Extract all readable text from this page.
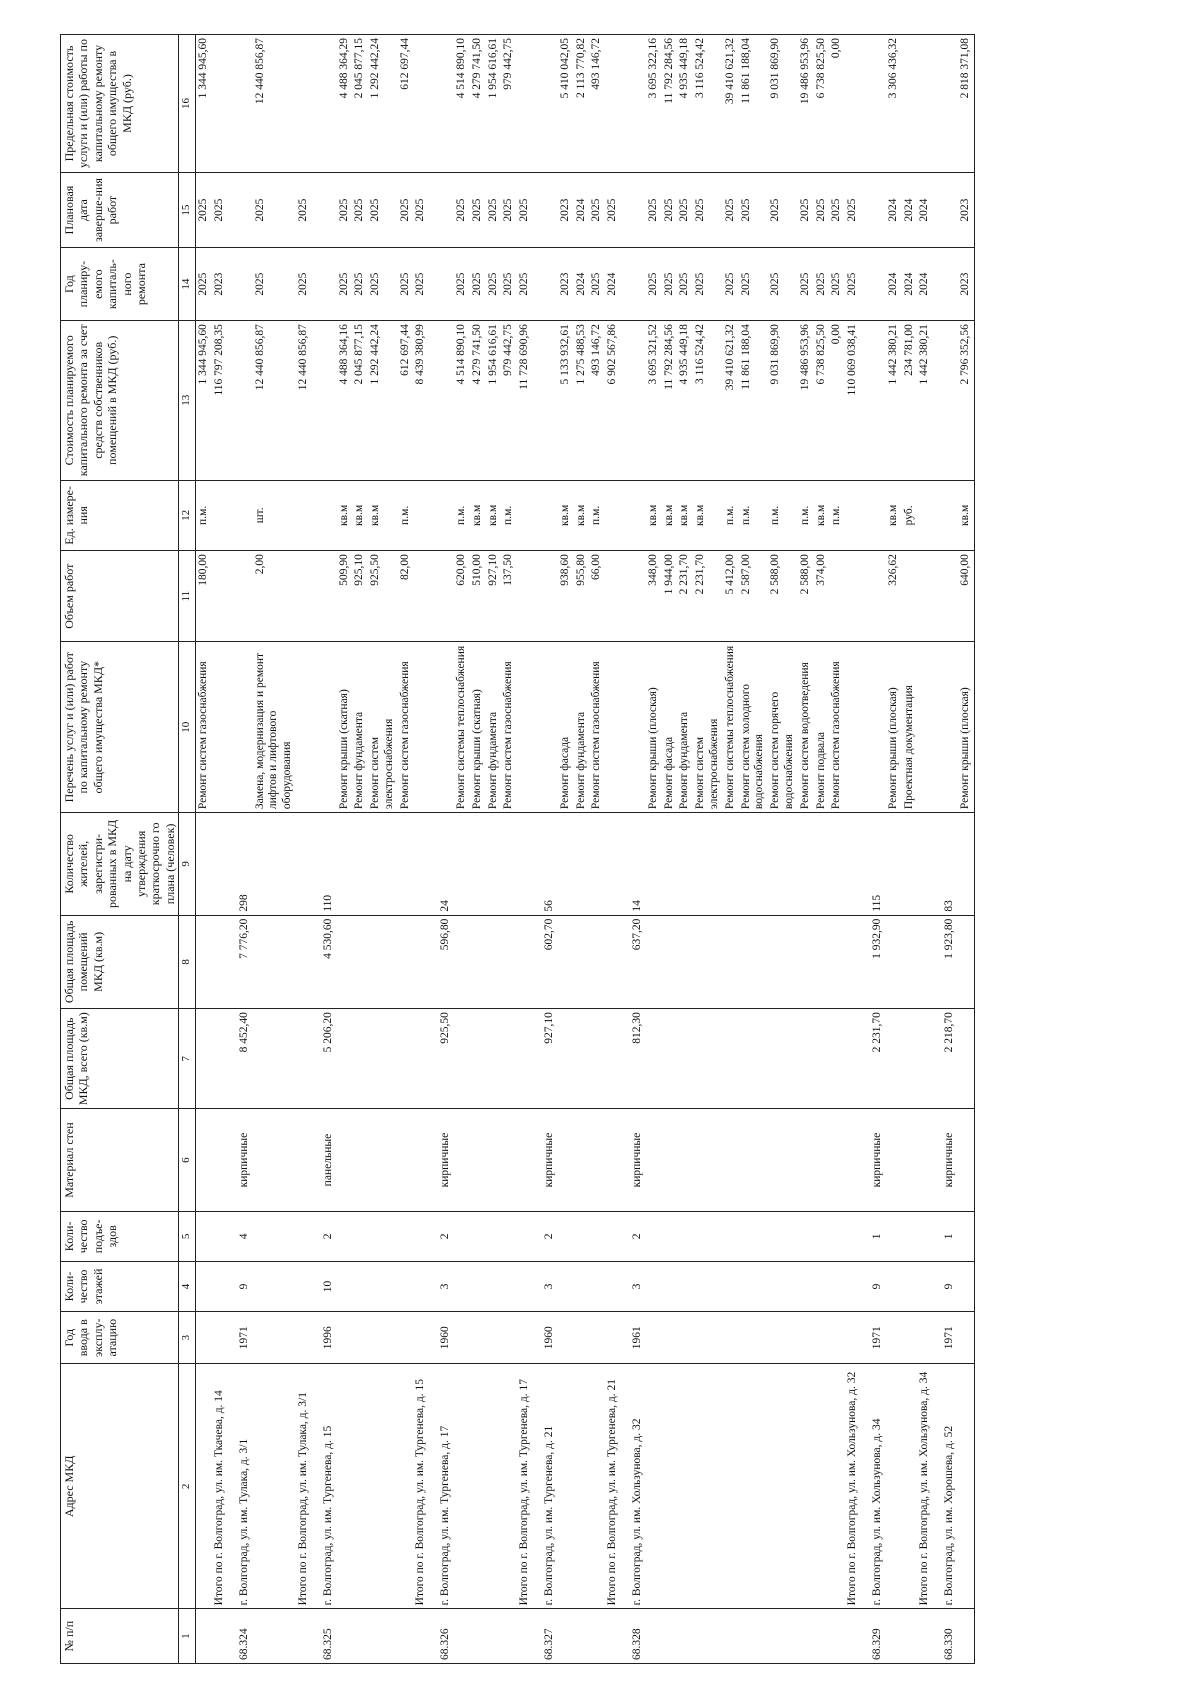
№ п/п	Адрес МКД	Год ввода в эксплу-атацию	Коли-чество этажей	Коли-чество подъе-здов	Материал стен	Общая площадь МКД, всего (кв.м)	Общая площадь помещений МКД (кв.м)	Количество жителей, зарегистри-рованных в МКД на дату утверждения краткосрочно го плана (человек)	Перечень услуг и (или) работ по капитальному ремонту общего имущества МКД*	Объем работ	Ед. измере-ния	Стоимость планируемого капитального ремонта за счет средств собственников помещений в МКД (руб.)	Год планиру-емого капиталь-ного ремонта	Плановая дата заверше-ния работ	Предельная стоимость услуги и (или) работы по капитальному ремонту общего имущества в МКД (руб.)
1	2	3	4	5	6	7	8	9	10	11	12	13	14	15	16
									Ремонт систем газоснабжения	180,00	п.м.	1 344 945,60	2025	2025	1 344 945,60
	Итого по г. Волгоград, ул. им. Ткачева, д. 14											116 797 208,35	2023	2025	
68.324	г. Волгоград, ул. им. Тулака, д. 3/1	1971	9	4	кирпичные	8 452,40	7 776,20	298							
									Замена, модернизация и ремонт лифтов и лифтового оборудования	2,00	шт.	12 440 856,87	2025	2025	12 440 856,87
	Итого по г. Волгоград, ул. им. Тулака, д. 3/1											12 440 856,87	2025	2025	
68.325	г. Волгоград, ул. им. Тургенева, д. 15	1996	10	2	панельные	5 206,20	4 530,60	110							
									Ремонт крыши (скатная)	509,90	кв.м	4 488 364,16	2025	2025	4 488 364,29
									Ремонт фундамента	925,10	кв.м	2 045 877,15	2025	2025	2 045 877,15
									Ремонт систем электроснабжения	925,50	кв.м	1 292 442,24	2025	2025	1 292 442,24
									Ремонт систем газоснабжения	82,00	п.м.	612 697,44	2025	2025	612 697,44
	Итого по г. Волгоград, ул. им. Тургенева, д. 15											8 439 380,99	2025	2025	
68.326	г. Волгоград, ул. им. Тургенева, д. 17	1960	3	2	кирпичные	925,50	596,80	24							
									Ремонт системы теплоснабжения	620,00	п.м.	4 514 890,10	2025	2025	4 514 890,10
									Ремонт крыши (скатная)	510,00	кв.м	4 279 741,50	2025	2025	4 279 741,50
									Ремонт фундамента	927,10	кв.м	1 954 616,61	2025	2025	1 954 616,61
									Ремонт систем газоснабжения	137,50	п.м.	979 442,75	2025	2025	979 442,75
	Итого по г. Волгоград, ул. им. Тургенева, д. 17											11 728 690,96	2025	2025	
68.327	г. Волгоград, ул. им. Тургенева, д. 21	1960	3	2	кирпичные	927,10	602,70	56							
									Ремонт фасада	938,60	кв.м	5 133 932,61	2023	2023	5 410 042,05
									Ремонт фундамента	955,80	кв.м	1 275 488,53	2024	2024	2 113 770,82
									Ремонт систем газоснабжения	66,00	п.м.	493 146,72	2025	2025	493 146,72
	Итого по г. Волгоград, ул. им. Тургенева, д. 21											6 902 567,86	2024	2025	
68.328	г. Волгоград, ул. им. Хользунова, д. 32	1961	3	2	кирпичные	812,30	637,20	14							
									Ремонт крыши (плоская)	348,00	кв.м	3 695 321,52	2025	2025	3 695 322,16
									Ремонт фасада	1 944,00	кв.м	11 792 284,56	2025	2025	11 792 284,56
									Ремонт фундамента	2 231,70	кв.м	4 935 449,18	2025	2025	4 935 449,18
									Ремонт систем электроснабжения	2 231,70	кв.м	3 116 524,42	2025	2025	3 116 524,42
									Ремонт системы теплоснабжения	5 412,00	п.м.	39 410 621,32	2025	2025	39 410 621,32
									Ремонт систем холодного водоснабжения	2 587,00	п.м.	11 861 188,04	2025	2025	11 861 188,04
									Ремонт систем горячего водоснабжения	2 588,00	п.м.	9 031 869,90	2025	2025	9 031 869,90
									Ремонт систем водоотведения	2 588,00	п.м.	19 486 953,96	2025	2025	19 486 953,96
									Ремонт подвала	374,00	кв.м	6 738 825,50	2025	2025	6 738 825,50
									Ремонт систем газоснабжения		п.м.	0,00	2025	2025	0,00
	Итого по г. Волгоград, ул. им. Хользунова, д. 32											110 069 038,41	2025	2025	
68.329	г. Волгоград, ул. им. Хользунова, д. 34	1971	9	1	кирпичные	2 231,70	1 932,90	115							
									Ремонт крыши (плоская)	326,62	кв.м	1 442 380,21	2024	2024	3 306 436,32
									Проектная документация		руб.	234 781,00	2024	2024	
	Итого по г. Волгоград, ул. им. Хользунова, д. 34											1 442 380,21	2024	2024	
68.330	г. Волгоград, ул. им. Хорошева, д. 52	1971	9	1	кирпичные	2 218,70	1 923,80	83							
									Ремонт крыши (плоская)	640,00	кв.м	2 796 352,56	2023	2023	2 818 371,08
